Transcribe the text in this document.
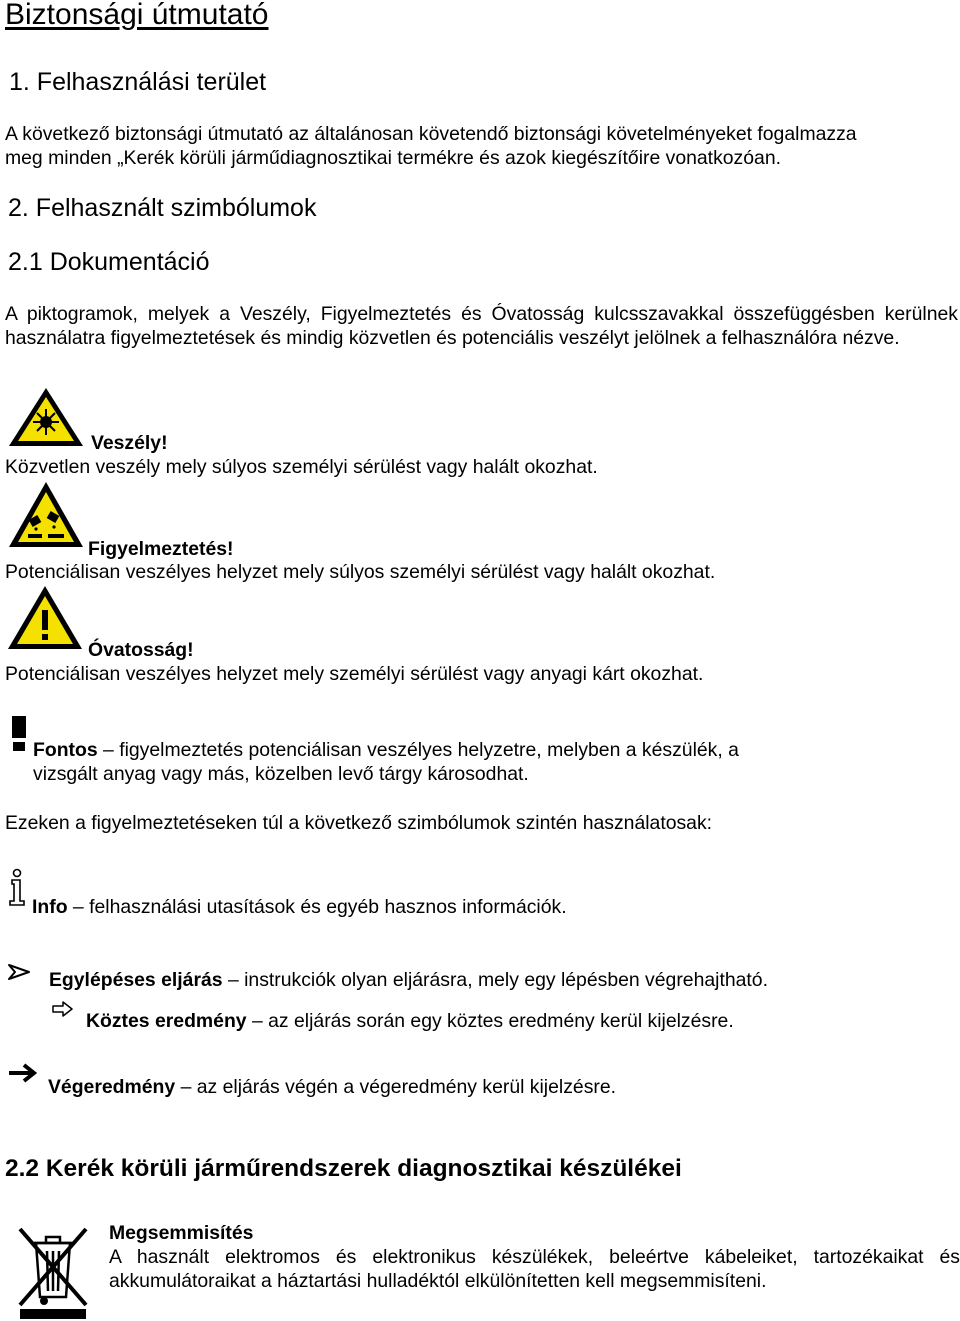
Biztonsági útmutató
1. Felhasználási terület
A következő biztonsági útmutató az általánosan követendő biztonsági követelményeket fogalmazza
meg minden „Kerék körüli járműdiagnosztikai termékre és azok kiegészítőire vonatkozóan.
2. Felhasznált szimbólumok
2.1 Dokumentáció
A piktogramok, melyek a Veszély, Figyelmeztetés és Óvatosság kulcsszavakkal összefüggésben kerülnek használatra figyelmeztetések és mindig közvetlen és potenciális veszélyt jelölnek a felhasználóra nézve.
Veszély!
Közvetlen veszély mely súlyos személyi sérülést vagy halált okozhat.
Figyelmeztetés!
Potenciálisan veszélyes helyzet mely súlyos személyi sérülést vagy halált okozhat.
Óvatosság!
Potenciálisan veszélyes helyzet mely személyi sérülést vagy anyagi kárt okozhat.
Fontos – figyelmeztetés potenciálisan veszélyes helyzetre, melyben a készülék, a
vizsgált anyag vagy más, közelben levő tárgy károsodhat.
Ezeken a figyelmeztetéseken túl a következő szimbólumok szintén használatosak:
Info – felhasználási utasítások és egyéb hasznos információk.
Egylépéses eljárás – instrukciók olyan eljárásra, mely egy lépésben végrehajtható.
Köztes eredmény – az eljárás során egy köztes eredmény kerül kijelzésre.
Végeredmény – az eljárás végén a végeredmény kerül kijelzésre.
2.2 Kerék körüli járműrendszerek diagnosztikai készülékei
Megsemmisítés
A használt elektromos és elektronikus készülékek, beleértve kábeleiket, tartozékaikat és akkumulátoraikat a háztartási hulladéktól elkülönítetten kell megsemmisíteni.
